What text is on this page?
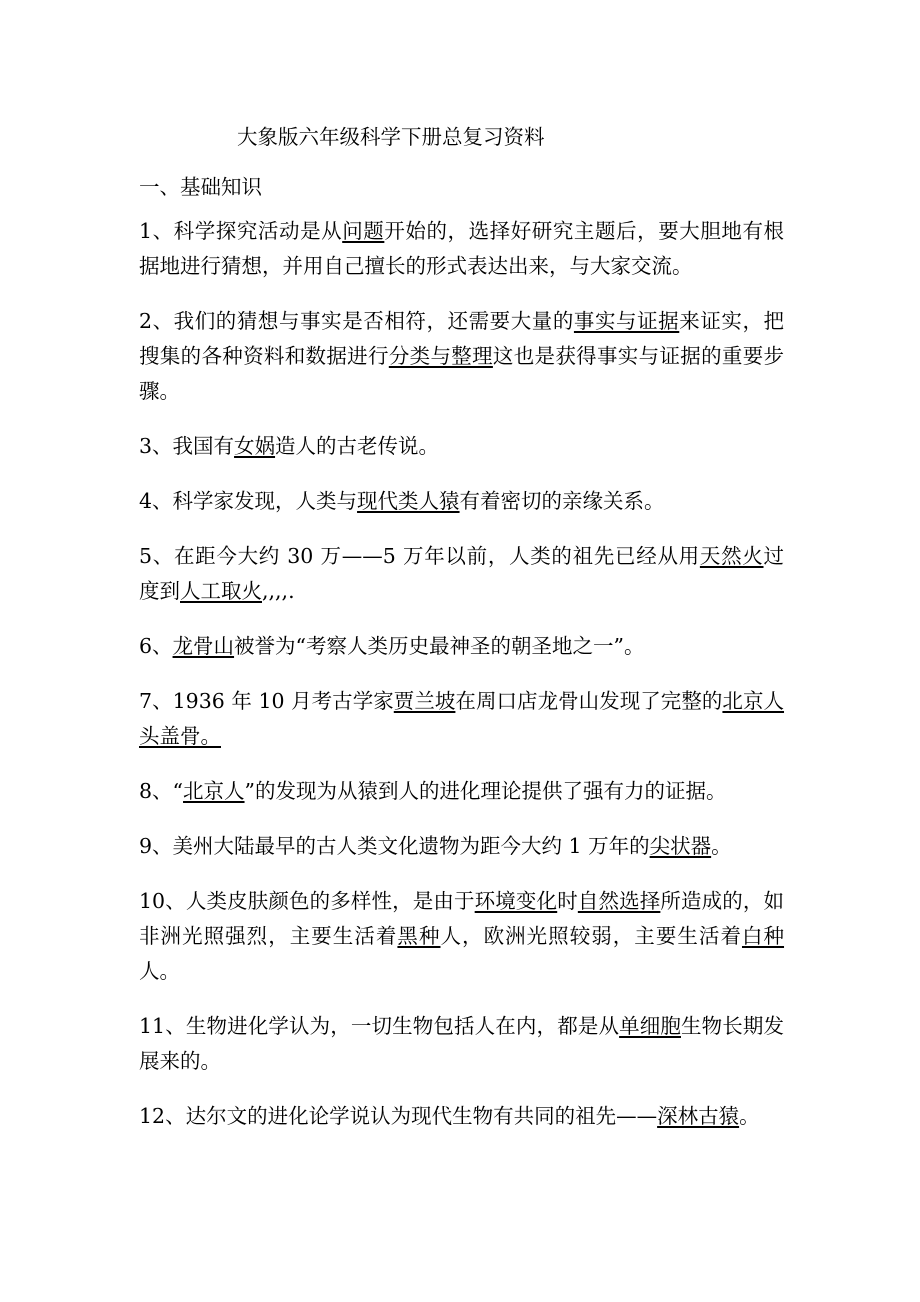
大象版六年级科学下册总复习资料
一、基础知识

1、科学探究活动是从问题开始的，选择好研究主题后，要大胆地有根据地进行猜想，并用自己擅长的形式表达出来，与大家交流。

2、我们的猜想与事实是否相符，还需要大量的事实与证据来证实，把搜集的各种资料和数据进行分类与整理这也是获得事实与证据的重要步骤。

3、我国有女娲造人的古老传说。

4、科学家发现，人类与现代类人猿有着密切的亲缘关系。

5、在距今大约 30 万——5 万年以前，人类的祖先已经从用天然火过度到人工取火,,,,.

6、龙骨山被誉为“考察人类历史最神圣的朝圣地之一”。

7、1936 年 10 月考古学家贾兰坡在周口店龙骨山发现了完整的北京人头盖骨。

8、“北京人”的发现为从猿到人的进化理论提供了强有力的证据。

9、美州大陆最早的古人类文化遗物为距今大约 1 万年的尖状器。

10、人类皮肤颜色的多样性，是由于环境变化时自然选择所造成的，如非洲光照强烈，主要生活着黑种人，欧洲光照较弱，主要生活着白种人。

11、生物进化学认为，一切生物包括人在内，都是从单细胞生物长期发展来的。

12、达尔文的进化论学说认为现代生物有共同的祖先——深林古猿。
